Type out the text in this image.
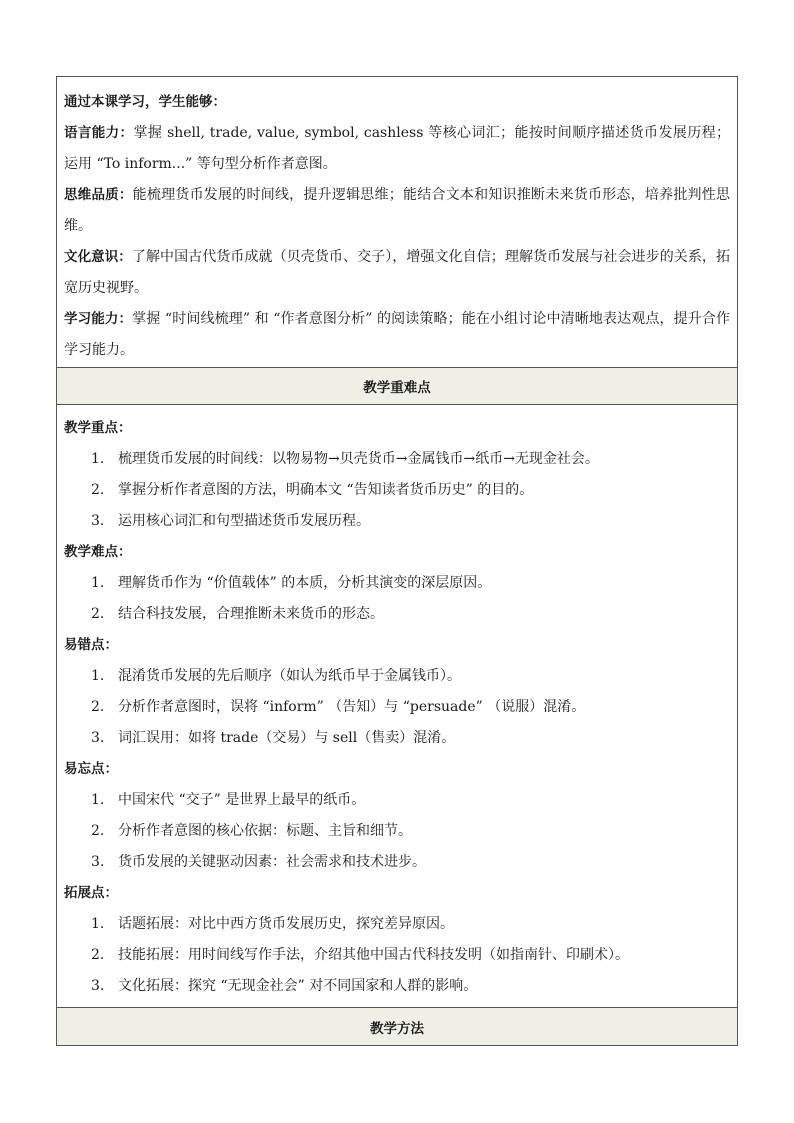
通过本课学习，学生能够：

语言能力：掌握 shell, trade, value, symbol, cashless 等核心词汇；能按时间顺序描述货币发展历程；运用 “To inform...” 等句型分析作者意图。

思维品质：能梳理货币发展的时间线，提升逻辑思维；能结合文本和知识推断未来货币形态，培养批判性思维。

文化意识：了解中国古代货币成就（贝壳货币、交子），增强文化自信；理解货币发展与社会进步的关系，拓宽历史视野。

学习能力：掌握 “时间线梳理” 和 “作者意图分析” 的阅读策略；能在小组讨论中清晰地表达观点，提升合作学习能力。

教学重难点

教学重点：

1. 梳理货币发展的时间线：以物易物→贝壳货币→金属钱币→纸币→无现金社会。

2. 掌握分析作者意图的方法，明确本文 “告知读者货币历史” 的目的。

3. 运用核心词汇和句型描述货币发展历程。

教学难点：

1. 理解货币作为 “价值载体” 的本质，分析其演变的深层原因。

2. 结合科技发展，合理推断未来货币的形态。

易错点：

1. 混淆货币发展的先后顺序（如认为纸币早于金属钱币）。

2. 分析作者意图时，误将 “inform” （告知）与 “persuade” （说服）混淆。

3. 词汇误用：如将 trade（交易）与 sell（售卖）混淆。

易忘点：

1. 中国宋代 “交子” 是世界上最早的纸币。

2. 分析作者意图的核心依据：标题、主旨和细节。

3. 货币发展的关键驱动因素：社会需求和技术进步。

拓展点：

1. 话题拓展：对比中西方货币发展历史，探究差异原因。

2. 技能拓展：用时间线写作手法，介绍其他中国古代科技发明（如指南针、印刷术）。

3. 文化拓展：探究 “无现金社会” 对不同国家和人群的影响。

教学方法
